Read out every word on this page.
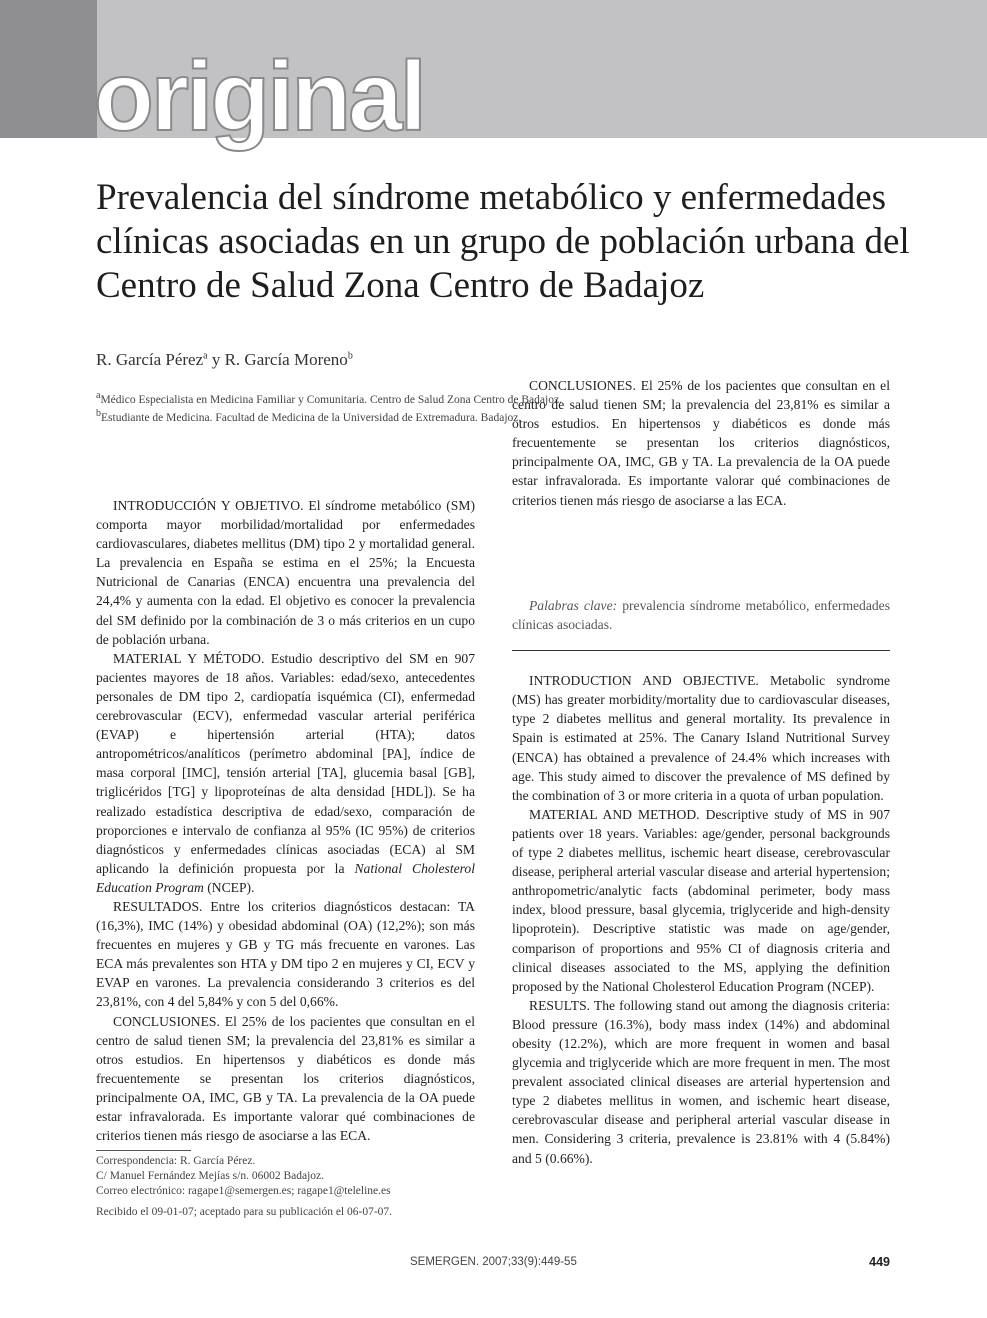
original
Prevalencia del síndrome metabólico y enfermedades clínicas asociadas en un grupo de población urbana del Centro de Salud Zona Centro de Badajoz

R. García Pérez$^a$ y R. García Moreno$^b$

$^a$Médico Especialista en Medicina Familiar y Comunitaria. Centro de Salud Zona Centro de Badajoz.

$^b$Estudiante de Medicina. Facultad de Medicina de la Universidad de Extremadura. Badajoz.

INTRODUCCIÓN Y OBJETIVO. El síndrome metabólico (SM) comporta mayor morbilidad/mortalidad por enfermedades cardiovasculares, diabetes mellitus (DM) tipo 2 y mortalidad general. La prevalencia en España se estima en el 25%; la Encuesta Nutricional de Canarias (ENCA) encuentra una prevalencia del 24,4% y aumenta con la edad. El objetivo es conocer la prevalencia del SM definido por la combinación de 3 o más criterios en un cupo de población urbana.

MATERIAL Y MÉTODO. Estudio descriptivo del SM en 907 pacientes mayores de 18 años. Variables: edad/sexo, antecedentes personales de DM tipo 2, cardiopatía isquémica (CI), enfermedad cerebrovascular (ECV), enfermedad vascular arterial periférica (EVAP) e hipertensión arterial (HTA); datos antropométricos/analíticos (perímetro abdominal [PA], índice de masa corporal [IMC], tensión arterial [TA], glucemia basal [GB], triglicéridos [TG] y lipoproteínas de alta densidad [HDL]). Se ha realizado estadística descriptiva de edad/sexo, comparación de proporciones e intervalo de confianza al 95% (IC 95%) de criterios diagnósticos y enfermedades clínicas asociadas (ECA) al SM aplicando la definición propuesta por la National Cholesterol Education Program (NCEP).

RESULTADOS. Entre los criterios diagnósticos destacan: TA (16,3%), IMC (14%) y obesidad abdominal (OA) (12,2%); son más frecuentes en mujeres y GB y TG más frecuente en varones. Las ECA más prevalentes son HTA y DM tipo 2 en mujeres y CI, ECV y EVAP en varones. La prevalencia considerando 3 criterios es del 23,81%, con 4 del 5,84% y con 5 del 0,66%.

CONCLUSIONES. El 25% de los pacientes que consultan en el centro de salud tienen SM; la prevalencia del 23,81% es similar a otros estudios. En hipertensos y diabéticos es donde más frecuentemente se presentan los criterios diagnósticos, principalmente OA, IMC, GB y TA. La prevalencia de la OA puede estar infravalorada. Es importante valorar qué combinaciones de criterios tienen más riesgo de asociarse a las ECA.

CONCLUSIONES. El 25% de los pacientes que consultan en el centro de salud tienen SM; la prevalencia del 23,81% es similar a otros estudios. En hipertensos y diabéticos es donde más frecuentemente se presentan los criterios diagnósticos, principalmente OA, IMC, GB y TA. La prevalencia de la OA puede estar infravalorada. Es importante valorar qué combinaciones de criterios tienen más riesgo de asociarse a las ECA.

Palabras clave: prevalencia síndrome metabólico, enfermedades clínicas asociadas.

INTRODUCTION AND OBJECTIVE. Metabolic syndrome (MS) has greater morbidity/mortality due to cardiovascular diseases, type 2 diabetes mellitus and general mortality. Its prevalence in Spain is estimated at 25%. The Canary Island Nutritional Survey (ENCA) has obtained a prevalence of 24.4% which increases with age. This study aimed to discover the prevalence of MS defined by the combination of 3 or more criteria in a quota of urban population.

MATERIAL AND METHOD. Descriptive study of MS in 907 patients over 18 years. Variables: age/gender, personal backgrounds of type 2 diabetes mellitus, ischemic heart disease, cerebrovascular disease, peripheral arterial vascular disease and arterial hypertension; anthropometric/analytic facts (abdominal perimeter, body mass index, blood pressure, basal glycemia, triglyceride and high-density lipoprotein). Descriptive statistic was made on age/gender, comparison of proportions and 95% CI of diagnosis criteria and clinical diseases associated to the MS, applying the definition proposed by the National Cholesterol Education Program (NCEP).

RESULTS. The following stand out among the diagnosis criteria: Blood pressure (16.3%), body mass index (14%) and abdominal obesity (12.2%), which are more frequent in women and basal glycemia and triglyceride which are more frequent in men. The most prevalent associated clinical diseases are arterial hypertension and type 2 diabetes mellitus in women, and ischemic heart disease, cerebrovascular disease and peripheral arterial vascular disease in men. Considering 3 criteria, prevalence is 23.81% with 4 (5.84%) and 5 (0.66%).

Correspondencia: R. García Pérez.

C/ Manuel Fernández Mejías s/n. 06002 Badajoz.

Correo electrónico: ragape1@semergen.es; ragape1@teleline.es

Recibido el 09-01-07; aceptado para su publicación el 06-07-07.

SEMERGEN. 2007;33(9):449-55	449
